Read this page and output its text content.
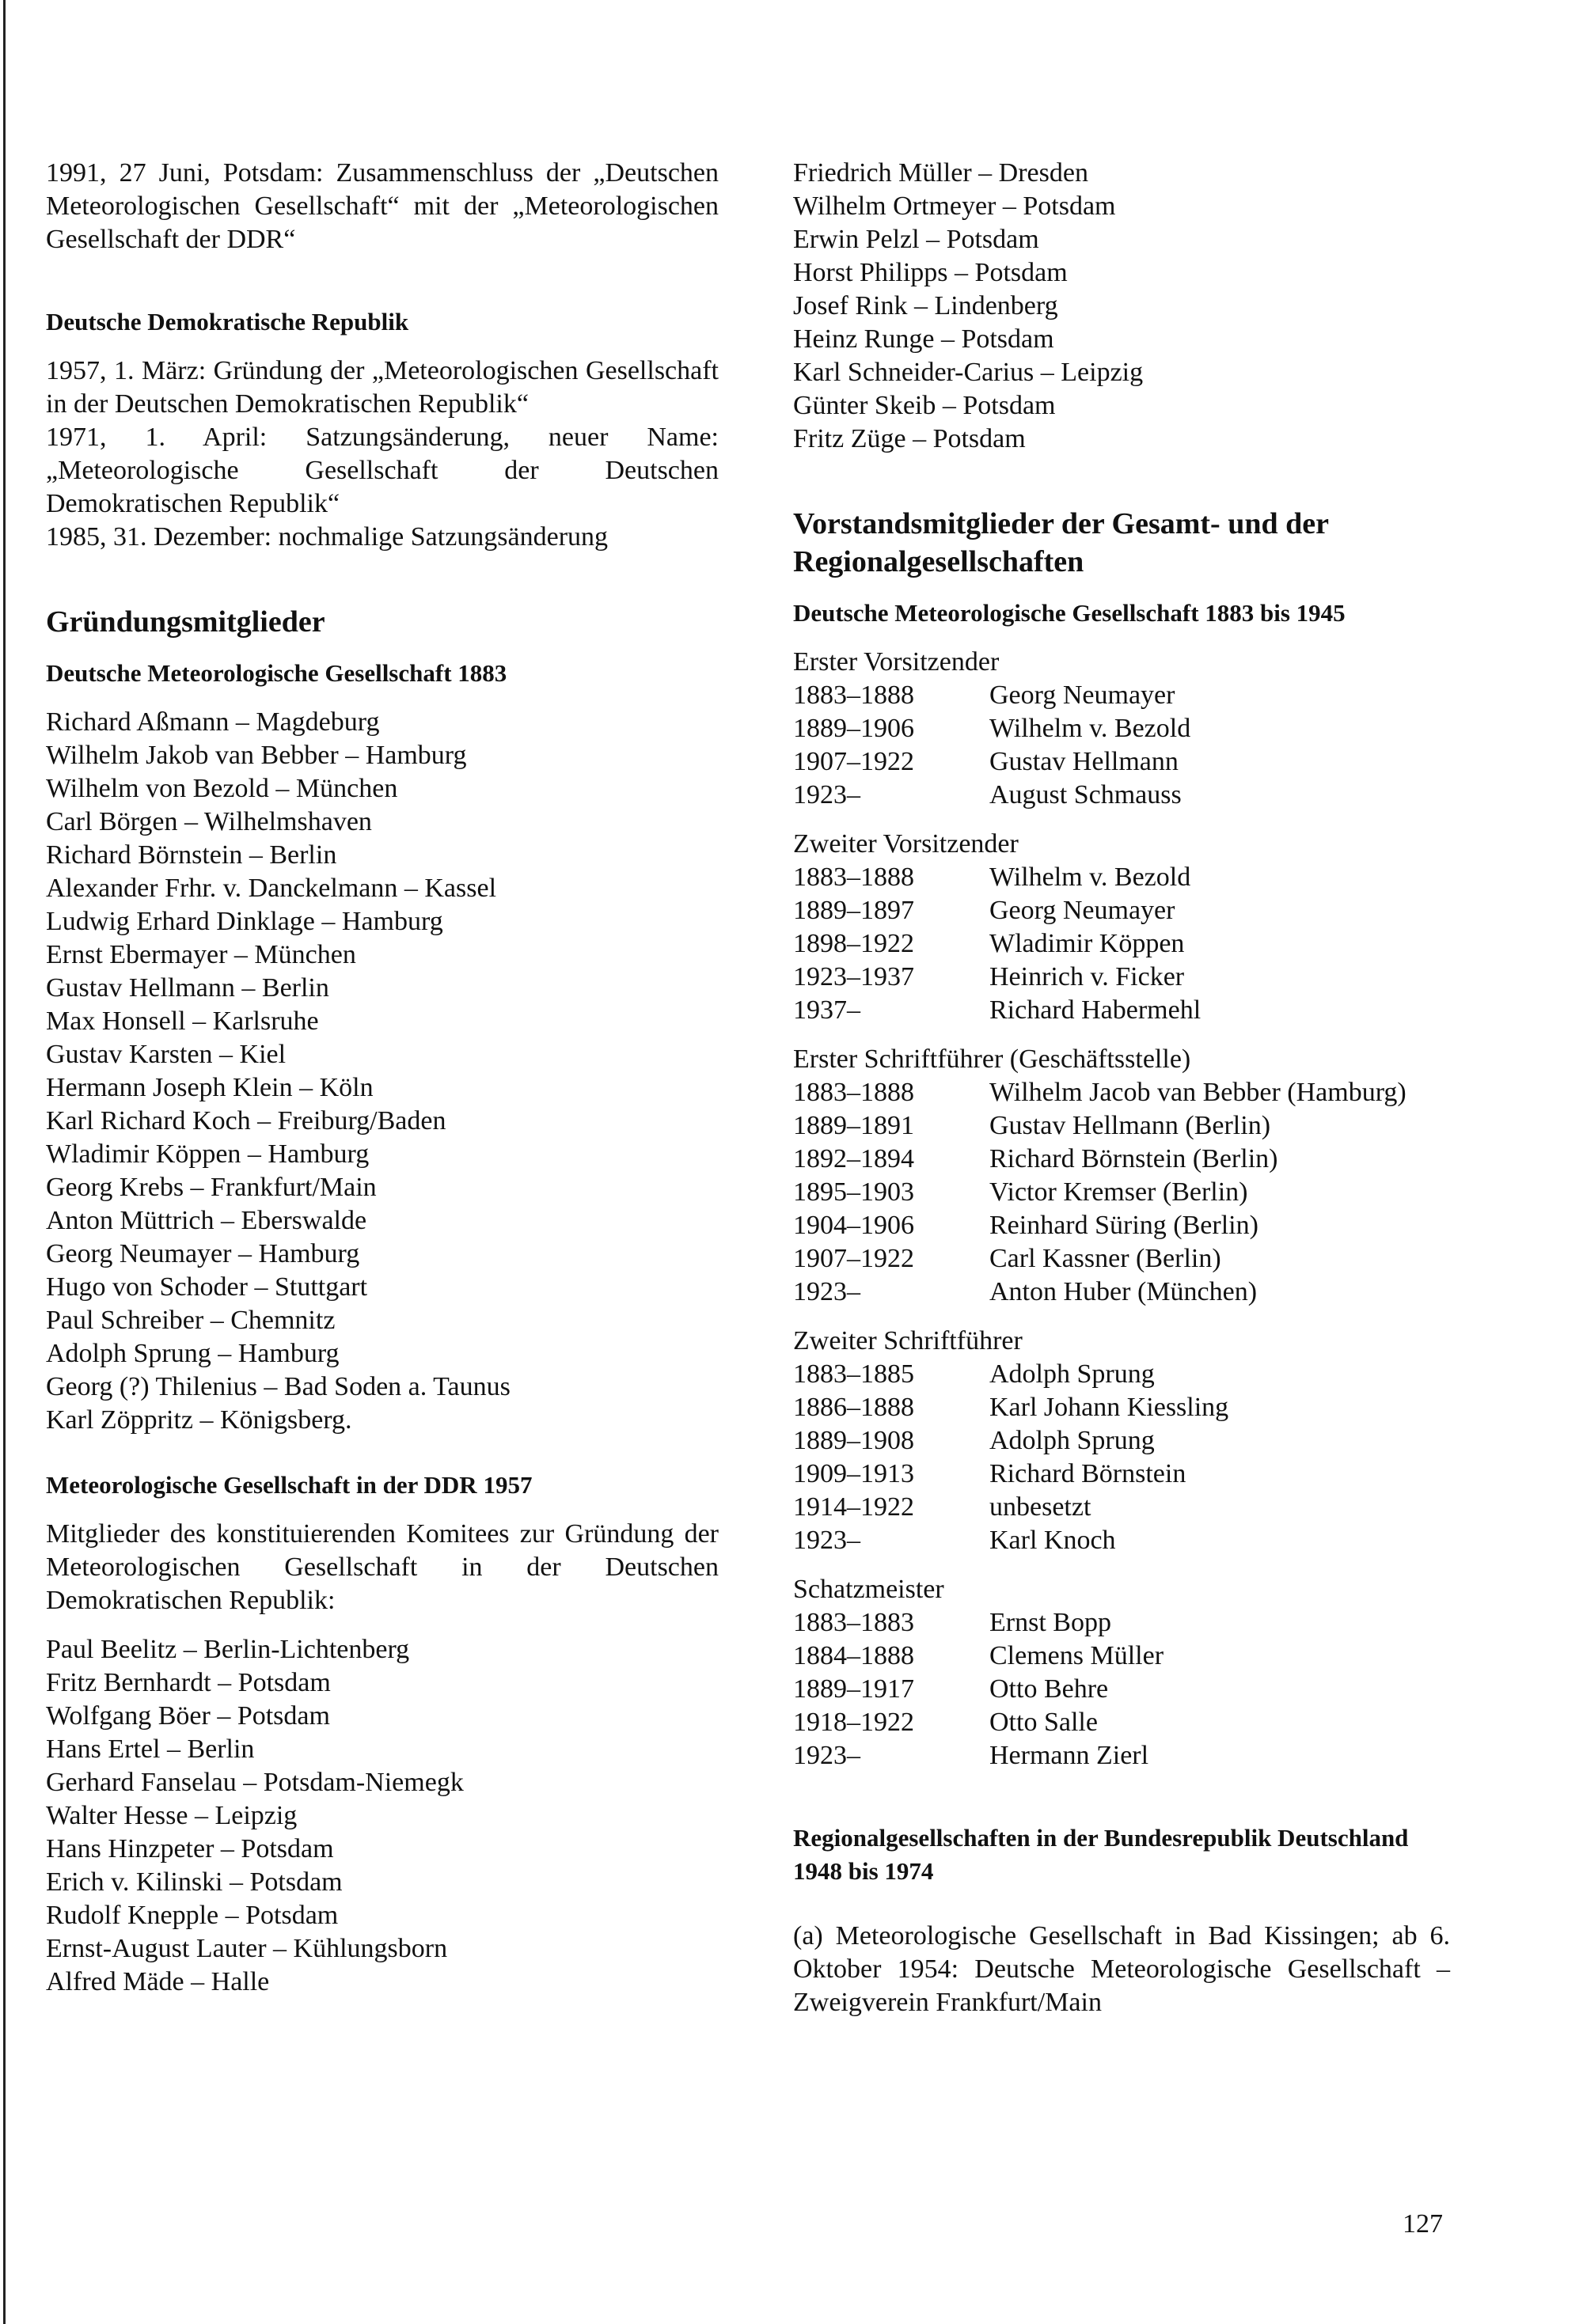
1991, 27 Juni, Potsdam: Zusammenschluss der „Deutschen Meteorologischen Gesellschaft“ mit der „Meteorologischen Gesellschaft der DDR“

Deutsche Demokratische Republik

1957, 1. März: Gründung der „Meteorologischen Gesellschaft in der Deutschen Demokratischen Republik“

1971, 1. April: Satzungsänderung, neuer Name: „Meteorologische Gesellschaft der Deutschen Demokratischen Republik“

1985, 31. Dezember: nochmalige Satzungsänderung

Gründungsmitglieder

Deutsche Meteorologische Gesellschaft 1883

Richard Aßmann – Magdeburg

Wilhelm Jakob van Bebber – Hamburg

Wilhelm von Bezold – München

Carl Börgen – Wilhelmshaven

Richard Börnstein – Berlin

Alexander Frhr. v. Danckelmann – Kassel

Ludwig Erhard Dinklage – Hamburg

Ernst Ebermayer – München

Gustav Hellmann – Berlin

Max Honsell – Karlsruhe

Gustav Karsten – Kiel

Hermann Joseph Klein – Köln

Karl Richard Koch – Freiburg/Baden

Wladimir Köppen – Hamburg

Georg Krebs – Frankfurt/Main

Anton Müttrich – Eberswalde

Georg Neumayer – Hamburg

Hugo von Schoder – Stuttgart

Paul Schreiber – Chemnitz

Adolph Sprung – Hamburg

Georg (?) Thilenius – Bad Soden a. Taunus

Karl Zöppritz – Königsberg.

Meteorologische Gesellschaft in der DDR 1957

Mitglieder des konstituierenden Komitees zur Gründung der Meteorologischen Gesellschaft in der Deutschen Demokratischen Republik:

Paul Beelitz – Berlin-Lichtenberg

Fritz Bernhardt – Potsdam

Wolfgang Böer – Potsdam

Hans Ertel – Berlin

Gerhard Fanselau – Potsdam-Niemegk

Walter Hesse – Leipzig

Hans Hinzpeter – Potsdam

Erich v. Kilinski – Potsdam

Rudolf Knepple – Potsdam

Ernst-August Lauter – Kühlungsborn

Alfred Mäde – Halle

Friedrich Müller – Dresden

Wilhelm Ortmeyer – Potsdam

Erwin Pelzl – Potsdam

Horst Philipps – Potsdam

Josef Rink – Lindenberg

Heinz Runge – Potsdam

Karl Schneider-Carius – Leipzig

Günter Skeib – Potsdam

Fritz Züge – Potsdam

Vorstandsmitglieder der Gesamt- und der Regionalgesellschaften

Deutsche Meteorologische Gesellschaft 1883 bis 1945

Erster Vorsitzender

1883–1888	Georg Neumayer
1889–1906	Wilhelm v. Bezold
1907–1922	Gustav Hellmann
1923–	August Schmauss

Zweiter Vorsitzender

1883–1888	Wilhelm v. Bezold
1889–1897	Georg Neumayer
1898–1922	Wladimir Köppen
1923–1937	Heinrich v. Ficker
1937–	Richard Habermehl

Erster Schriftführer (Geschäftsstelle)

1883–1888	Wilhelm Jacob van Bebber (Hamburg)
1889–1891	Gustav Hellmann (Berlin)
1892–1894	Richard Börnstein (Berlin)
1895–1903	Victor Kremser (Berlin)
1904–1906	Reinhard Süring (Berlin)
1907–1922	Carl Kassner (Berlin)
1923–	Anton Huber (München)

Zweiter Schriftführer

1883–1885	Adolph Sprung
1886–1888	Karl Johann Kiessling
1889–1908	Adolph Sprung
1909–1913	Richard Börnstein
1914–1922	unbesetzt
1923–	Karl Knoch

Schatzmeister

1883–1883	Ernst Bopp
1884–1888	Clemens Müller
1889–1917	Otto Behre
1918–1922	Otto Salle
1923–	Hermann Zierl

Regionalgesellschaften in der Bundesrepublik Deutschland 1948 bis 1974

(a) Meteorologische Gesellschaft in Bad Kissingen; ab 6. Oktober 1954: Deutsche Meteorologische Gesellschaft – Zweigverein Frankfurt/Main

127
